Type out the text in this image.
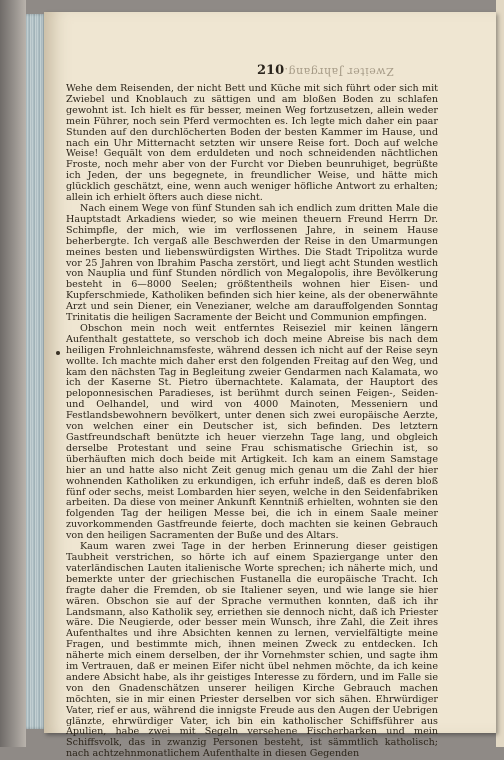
210 Zweiter Jahrgang.

Wehe dem Reisenden, der nicht Bett und Küche mit sich führt oder sich mit Zwiebel und Knoblauch zu sättigen und am bloßen Boden zu schlafen gewohnt ist. Ich hielt es für besser, meinen Weg fortzusetzen, allein weder mein Führer, noch sein Pferd vermochten es. Ich legte mich daher ein paar Stunden auf den durchlöcherten Boden der besten Kammer im Hause, und nach ein Uhr Mitternacht setzten wir unsere Reise fort. Doch auf welche Weise! Gequält von dem erduldeten und noch schneidenden nächtlichen Froste, noch mehr aber von der Furcht vor Dieben beunruhiget, begrüßte ich Jeden, der uns begegnete, in freundlicher Weise, und hätte mich glücklich geschätzt, eine, wenn auch weniger höfliche Antwort zu erhalten; allein ich erhielt öfters auch diese nicht.

Nach einem Wege von fünf Stunden sah ich endlich zum dritten Male die Hauptstadt Arkadiens wieder, so wie meinen theuern Freund Herrn Dr. Schimpfle, der mich, wie im verflossenen Jahre, in seinem Hause beherbergte. Ich vergaß alle Beschwerden der Reise in den Umarmungen meines besten und liebenswürdigsten Wirthes. Die Stadt Tripolitza wurde vor 25 Jahren von Ibrahim Pascha zerstört, und liegt acht Stunden westlich von Nauplia und fünf Stunden nördlich von Megalopolis, ihre Bevölkerung besteht in 6—8000 Seelen; größtentheils wohnen hier Eisen- und Kupferschmiede, Katholiken befinden sich hier keine, als der obenerwähnte Arzt und sein Diener, ein Venezianer, welche am darauffolgenden Sonntag Trinitatis die heiligen Sacramente der Beicht und Communion empfingen.

Obschon mein noch weit entferntes Reiseziel mir keinen längern Aufenthalt gestattete, so verschob ich doch meine Abreise bis nach dem heiligen Frohnleichnamsfeste, während dessen ich nicht auf der Reise seyn wollte. Ich machte mich daher erst den folgenden Freitag auf den Weg, und kam den nächsten Tag in Begleitung zweier Gendarmen nach Kalamata, wo ich der Kaserne St. Pietro übernachtete. Kalamata, der Hauptort des peloponnesischen Paradieses, ist berühmt durch seinen Feigen-, Seiden- und Oelhandel, und wird von 4000 Mainoten, Messeniern und Festlandsbewohnern bevölkert, unter denen sich zwei europäische Aerzte, von welchen einer ein Deutscher ist, sich befinden. Des letztern Gastfreundschaft benützte ich heuer vierzehn Tage lang, und obgleich derselbe Protestant und seine Frau schismatische Griechin ist, so überhäuften mich doch beide mit Artigkeit. Ich kam an einem Samstage hier an und hatte also nicht Zeit genug mich genau um die Zahl der hier wohnenden Katholiken zu erkundigen, ich erfuhr indeß, daß es deren bloß fünf oder sechs, meist Lombarden hier seyen, welche in den Seidenfabriken arbeiten. Da diese von meiner Ankunft Kenntniß erhielten, wohnten sie den folgenden Tag der heiligen Messe bei, die ich in einem Saale meiner zuvorkommenden Gastfreunde feierte, doch machten sie keinen Gebrauch von den heiligen Sacramenten der Buße und des Altars.

Kaum waren zwei Tage in der herben Erinnerung dieser geistigen Taubheit verstrichen, so hörte ich auf einem Spaziergange unter den vaterländischen Lauten italienische Worte sprechen; ich näherte mich, und bemerkte unter der griechischen Fustanella die europäische Tracht. Ich fragte daher die Fremden, ob sie Italiener seyen, und wie lange sie hier wären. Obschon sie auf der Sprache vermuthen konnten, daß ich ihr Landsmann, also Katholik sey, erriethen sie dennoch nicht, daß ich Priester wäre. Die Neugierde, oder besser mein Wunsch, ihre Zahl, die Zeit ihres Aufenthaltes und ihre Absichten kennen zu lernen, vervielfältigte meine Fragen, und bestimmte mich, ihnen meinen Zweck zu entdecken. Ich näherte mich einem derselben, der ihr Vornehmster schien, und sagte ihm im Vertrauen, daß er meinen Eifer nicht übel nehmen möchte, da ich keine andere Absicht habe, als ihr geistiges Interesse zu fördern, und im Falle sie von den Gnadenschätzen unserer heiligen Kirche Gebrauch machen möchten, sie in mir einen Priester derselben vor sich sähen. Ehrwürdiger Vater, rief er aus, während die innigste Freude aus den Augen der Uebrigen glänzte, ehrwürdiger Vater, ich bin ein katholischer Schiffsführer aus Apulien, habe zwei mit Segeln versehene Fischerbarken und mein Schiffsvolk, das in zwanzig Personen besteht, ist sämmtlich katholisch; nach achtzehnmonatlichem Aufenthalte in diesen Gegenden
